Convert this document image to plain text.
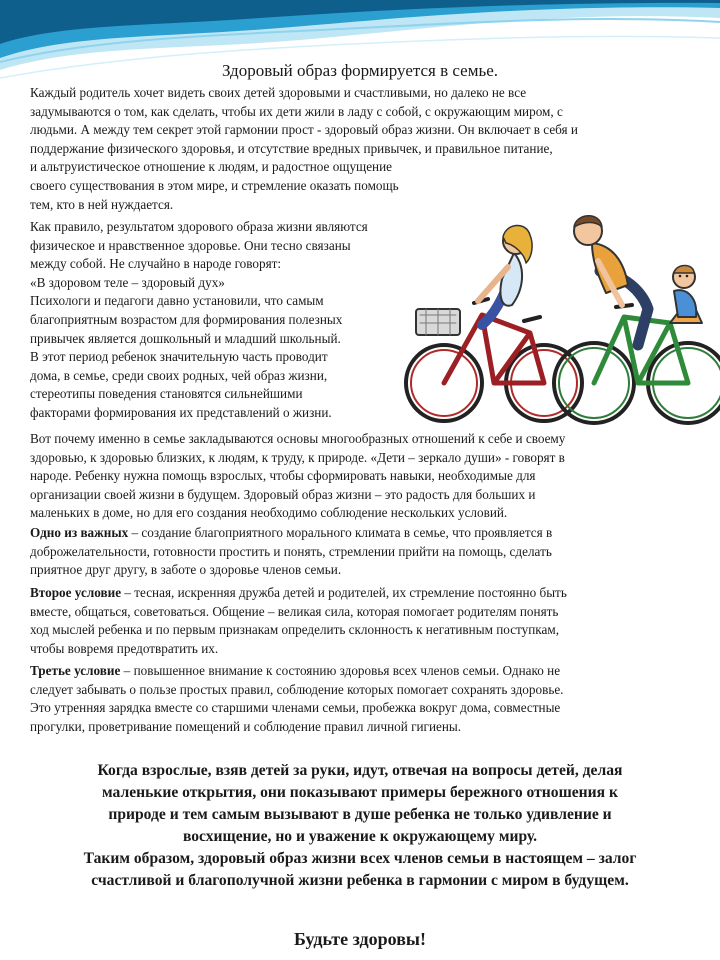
Здоровый образ формируется в семье.

Каждый родитель хочет видеть своих детей здоровыми и счастливыми, но далеко не все
задумываются о том, как сделать, чтобы их дети жили в ладу с собой, с окружающим миром, с
людьми. А между тем секрет этой гармонии прост - здоровый образ жизни. Он включает в себя и
поддержание физического здоровья, и отсутствие вредных привычек, и правильное питание,
и альтруистическое отношение к людям, и радостное ощущение
своего существования в этом мире, и стремление оказать помощь
тем, кто в ней нуждается.

Как правило, результатом здорового образа жизни являются
физическое и нравственное здоровье. Они тесно связаны
между собой. Не случайно в народе говорят:
«В здоровом теле – здоровый дух»
Психологи и педагоги давно установили, что самым
благоприятным возрастом для формирования полезных
привычек является дошкольный и младший школьный.
В этот период ребенок значительную часть проводит
дома, в семье, среди своих родных, чей образ жизни,
стереотипы поведения становятся сильнейшими
факторами формирования их представлений о жизни.

Вот почему именно в семье закладываются основы многообразных отношений к себе и своему
здоровью, к здоровью близких, к людям, к труду, к природе. «Дети – зеркало души» - говорят в
народе. Ребенку нужна помощь взрослых, чтобы сформировать навыки, необходимые для
организации своей жизни в будущем. Здоровый образ жизни – это радость для больших и
маленьких в доме, но для его создания необходимо соблюдение нескольких условий.

Одно из важных – создание благоприятного морального климата в семье, что проявляется в
доброжелательности, готовности простить и понять, стремлении прийти на помощь, сделать
приятное друг другу, в заботе о здоровье членов семьи.

Второе условие – тесная, искренняя дружба детей и родителей, их стремление постоянно быть
вместе, общаться, советоваться. Общение – великая сила, которая помогает родителям понять
ход мыслей ребенка и по первым признакам определить склонность к негативным поступкам,
чтобы вовремя предотвратить их.

Третье условие – повышенное внимание к состоянию здоровья всех членов семьи. Однако не
следует забывать о пользе простых правил, соблюдение которых помогает сохранять здоровье.
Это утренняя зарядка вместе со старшими членами семьи, пробежка вокруг дома, совместные
прогулки, проветривание помещений и соблюдение правил личной гигиены.

Когда взрослые, взяв детей за руки, идут, отвечая на вопросы детей, делая
маленькие открытия, они показывают примеры бережного отношения к
природе и тем самым вызывают в душе ребенка не только удивление и
восхищение, но и уважение к окружающему миру.
Таким образом, здоровый образ жизни всех членов семьи в настоящем – залог
счастливой и благополучной жизни ребенка в гармонии с миром в будущем.
Будьте здоровы!
